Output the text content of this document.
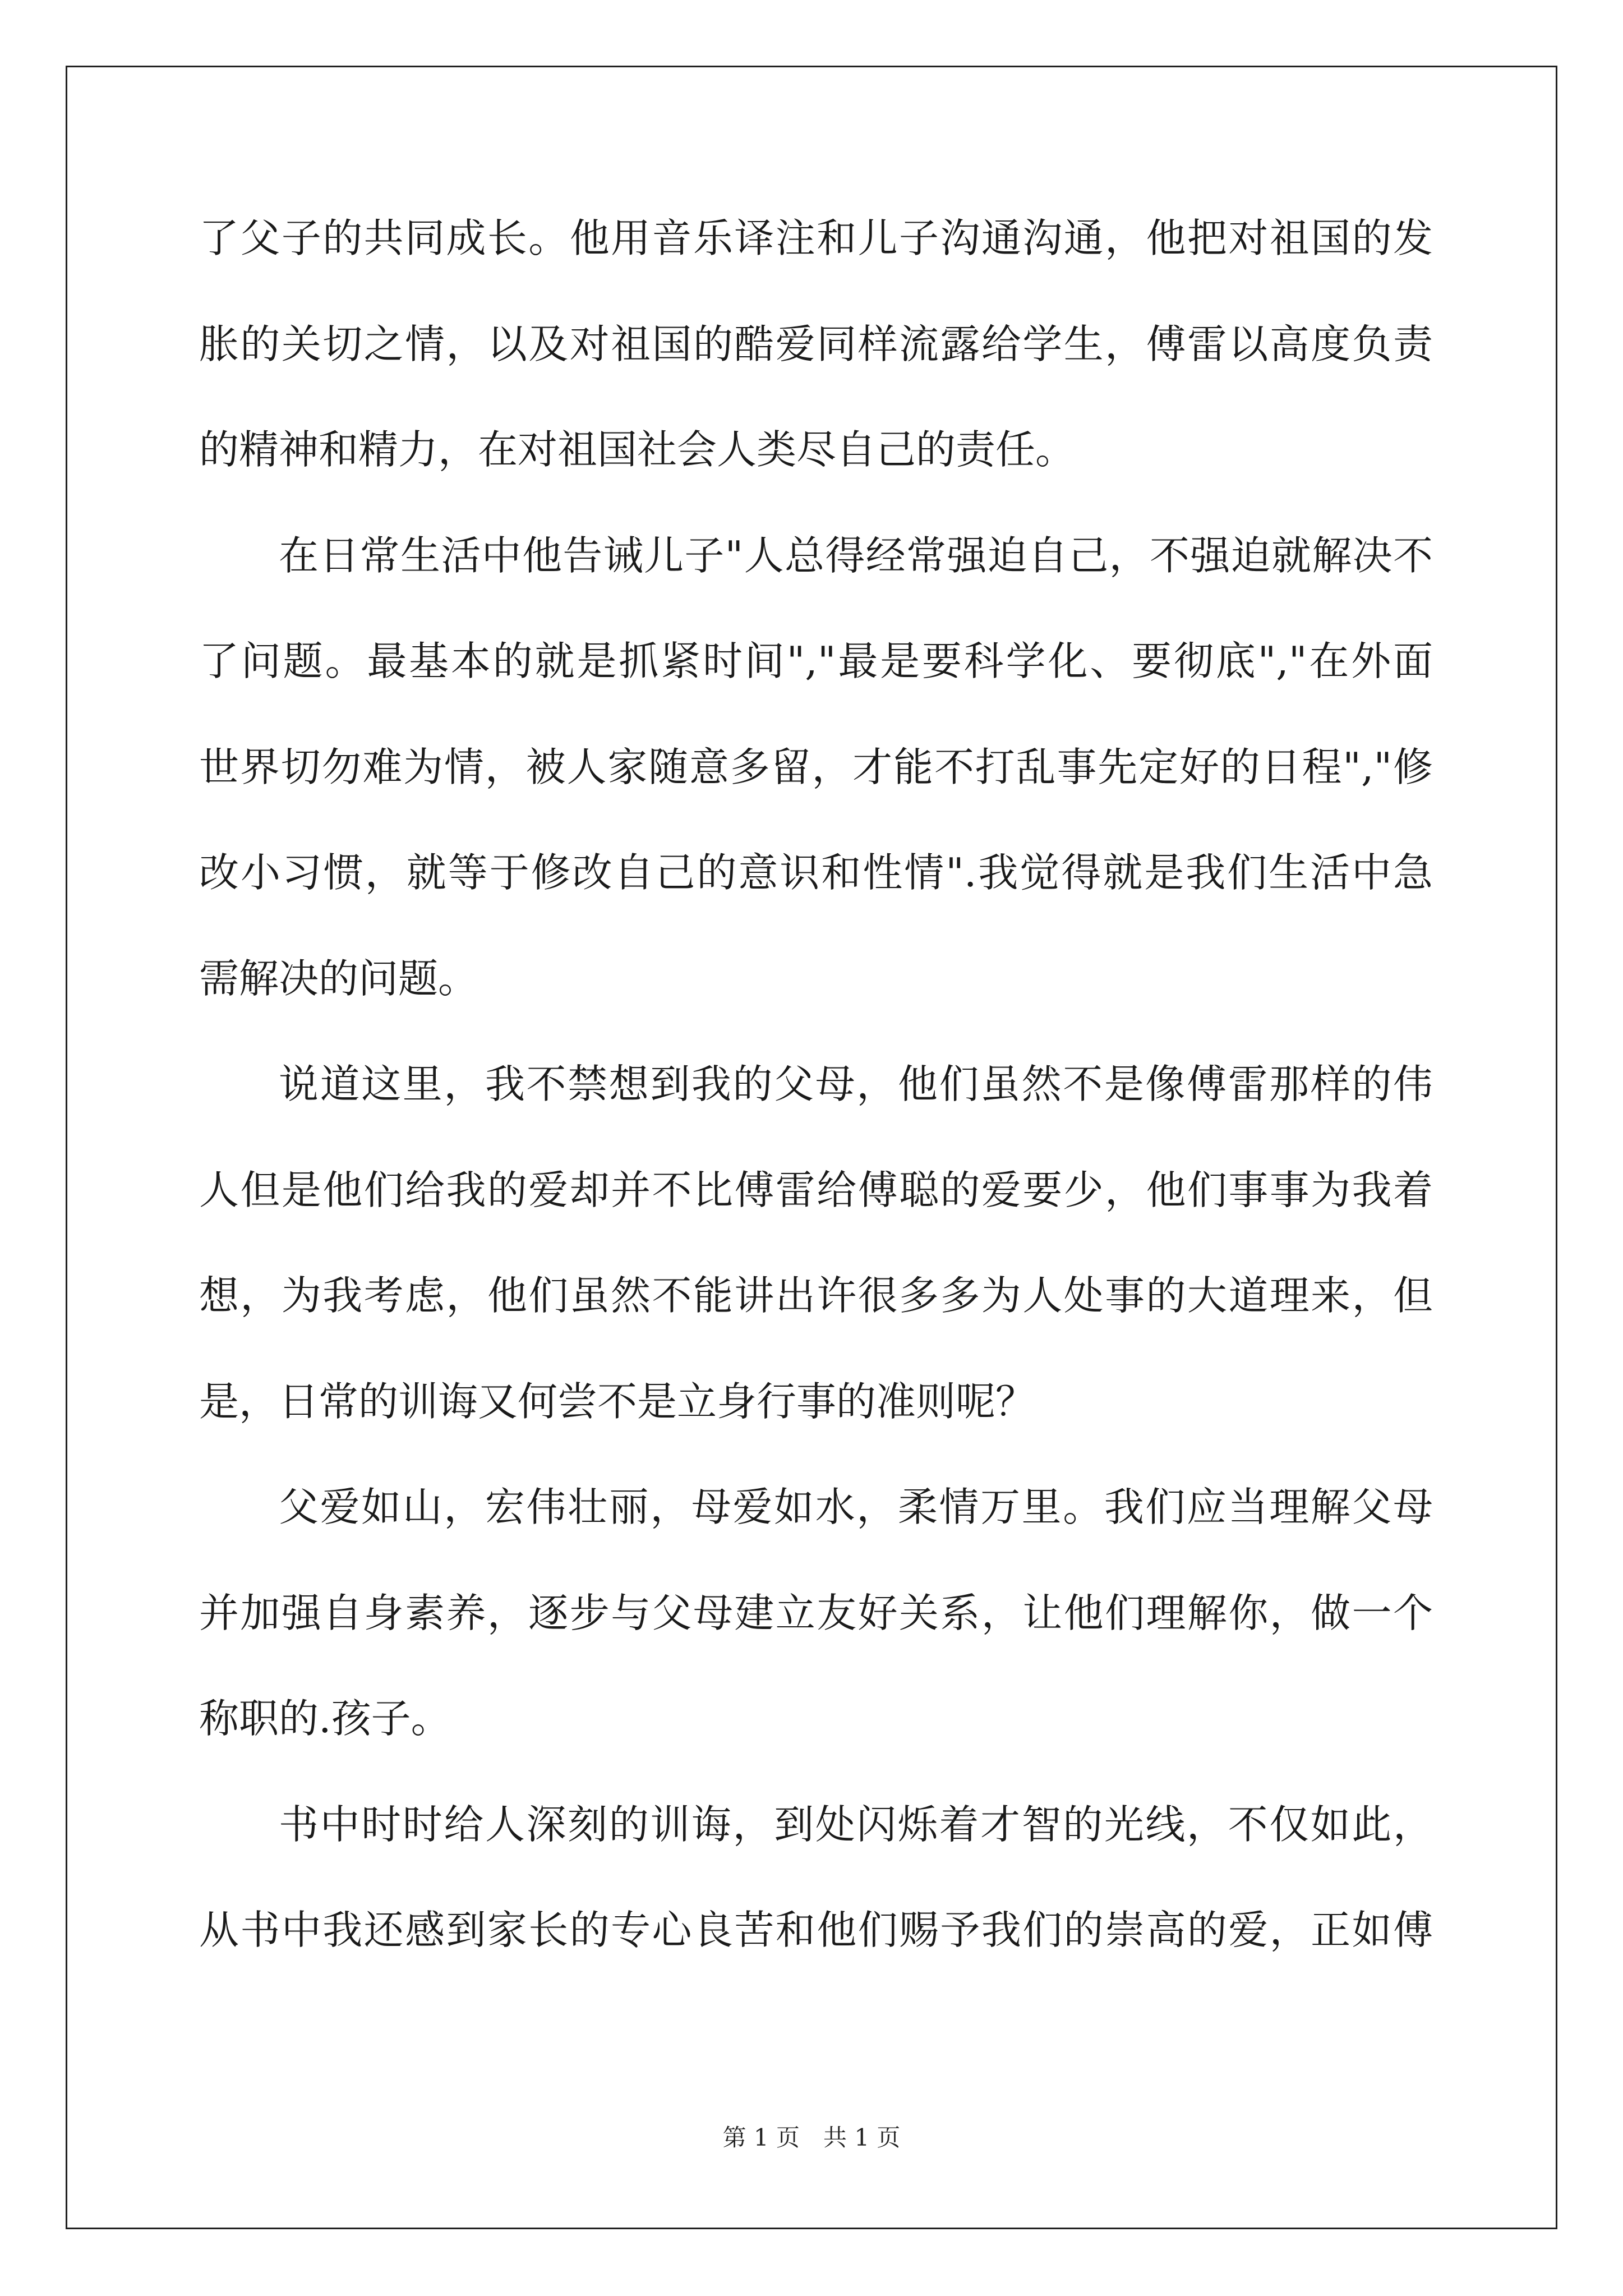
了父子的共同成长。他用音乐译注和儿子沟通沟通，他把对祖国的发
胀的关切之情，以及对祖国的酷爱同样流露给学生，傅雷以高度负责
的精神和精力，在对祖国社会人类尽自己的责任。
在日常生活中他告诫儿子"人总得经常强迫自己，不强迫就解决不
了问题。最基本的就是抓紧时间","最是要科学化、要彻底","在外面
世界切勿难为情，被人家随意多留，才能不打乱事先定好的日程","修
改小习惯，就等于修改自己的意识和性情".我觉得就是我们生活中急
需解决的问题。
说道这里，我不禁想到我的父母，他们虽然不是像傅雷那样的伟
人但是他们给我的爱却并不比傅雷给傅聪的爱要少，他们事事为我着
想，为我考虑，他们虽然不能讲出许很多多为人处事的大道理来，但
是，日常的训诲又何尝不是立身行事的准则呢？
父爱如山，宏伟壮丽，母爱如水，柔情万里。我们应当理解父母
并加强自身素养，逐步与父母建立友好关系，让他们理解你，做一个
称职的.孩子。
书中时时给人深刻的训诲，到处闪烁着才智的光线，不仅如此，
从书中我还感到家长的专心良苦和他们赐予我们的崇高的爱，正如傅
第 1 页　共 1 页
